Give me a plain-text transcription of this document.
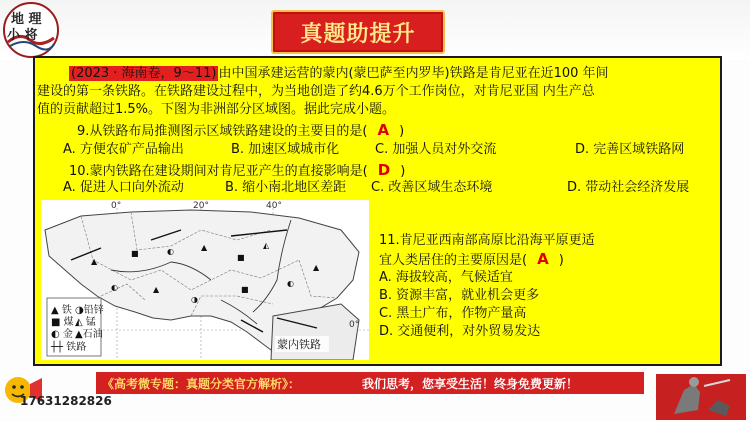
地 理
小 将	真题助提升
(2023 · 海南卷，9～11) 由中国承建运营的蒙内(蒙巴萨至内罗毕)铁路是肯尼亚在近100 年间
建设的第一条铁路。在铁路建设过程中，为当地创造了约4.6万个工作岗位，对肯尼亚国 内生产总
值的贡献超过1.5%。下图为非洲部分区域图。据此完成小题。
9.从铁路布局推测图示区域铁路建设的主要目的是( A )
A. 方便农矿产品输出	B. 加速区域城市化	C. 加强人员对外交流	D. 完善区域铁路网
10.蒙内铁路在建设期间对肯尼亚产生的直接影响是( D )
A. 促进人口向外流动	B. 缩小南北地区差距 C. 改善区域生态环境	D. 带动社会经济发展
▲
■	◐	▲
■
◭
◐	▲
◑
■
◐
▲
▲ 铁 ◑铅锌
■ 煤 ◭ 锰
◐ 金 ▲石油
┼┼ 铁路
0°	20°	40°
0°
蒙内铁路
11.肯尼亚西南部高原比沿海平原更适
宜人类居住的主要原因是( A )
A. 海拔较高，气候适宜
B. 资源丰富，就业机会更多
C. 黑土广布，作物产量高
D. 交通便利，对外贸易发达
《高考微专题：真题分类官方解析》：	我们思考，您享受生活！终身免费更新！
17631282826
